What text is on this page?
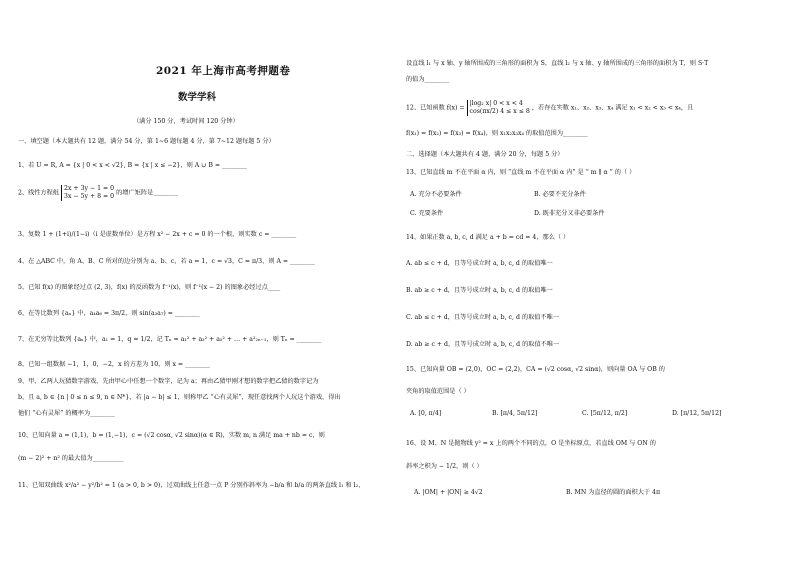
2021 年上海市高考押题卷
数学学科
（满分 150 分，考试时间 120 分钟）
一、填空题（本大题共有 12 题，满分 54 分，第 1~6 题每题 4 分，第 7~12 题每题 5 分）
1、若 U = R, A = {x | 0 < x < √2}, B = {x | x ≤ −2}，则 A ∪ B = ________
2、线性方程组
2x + 3y − 1 = 0
3x − 5y + 8 = 0 的增广矩阵是________
3、复数 1 + (1+i)/(1−i)（i 是虚数单位）是方程 x² − 2x + c = 0 的一个根，则实数 c = ________
4、在 △ABC 中，角 A、B、C 所对的边分别为 a、b、c，若 a = 1，c = √3，C = π/3，则 A = ________
5、已知 f(x) 的图象经过点 (2, 3)，f(x) 的反函数为 f⁻¹(x)，则 f⁻¹(x − 2) 的图象必经过点____
6、在等比数列 {aₙ} 中，a₄a₆ = 3π/2，则 sin(a₃a₇) = ________
7、在无穷等比数列 {aₙ} 中，a₁ = 1，q = 1/2，记 Tₙ = a₁² + a₃² + a₅² + … + a²₂ₙ₋₁，则 Tₙ = ________
8、已知一组数据 −1，1，0，−2，x 的方差为 10，则 x = ________
9、甲、乙两人玩猜数字游戏，先由甲心中任想一个数字，记为 a；再由乙猜甲刚才想的数字把乙猜的数字记为
b，且 a, b ∈ {n | 0 ≤ n ≤ 9, n ∈ N*}，若 |a − b| ≤ 1，则称甲乙 “心有灵犀”，现任意找两个人玩这个游戏，得出
他们 “心有灵犀” 的概率为________
10、已知向量 a = (1,1)，b = (1,−1)，c = (√2 cosα, √2 sinα)(α ∈ R)，实数 m, n 满足 ma + nb = c，则
(m − 2)² + n² 的最大值为__________
11、已知双曲线 x²/a² − y²/b² = 1 (a > 0, b > 0)，过双曲线上任意一点 P 分别作斜率为 −b/a 和 b/a 的两条直线 l₁ 和 l₂，
设直线 l₁ 与 x 轴、y 轴所围成的三角形的面积为 S，直线 l₂ 与 x 轴、y 轴所围成的三角形的面积为 T，则 S·T
的值为________
12、已知函数 f(x) =
|log₂ x| 0 < x < 4
cos(πx/2) 4 ≤ x ≤ 8 ，若存在实数 x₁、x₂、x₃、x₄ 满足 x₁ < x₂ < x₃ < x₄，且
f(x₁) = f(x₂) = f(x₃) = f(x₄)，则 x₁x₂x₃x₄ 的取值范围为________
二、选择题（本大题共有 4 题，满分 20 分，每题 5 分）
13、已知直线 m 不在平面 α 内，则 “直线 m 不在平面 α 内” 是 “ m ∥ α ” 的（ ）
A. 充分不必要条件	B. 必要不充分条件
C. 充要条件	D. 既非充分又非必要条件
14、如果正数 a, b, c, d 满足 a + b = cd = 4，那么（ ）
A. ab ≤ c + d，且等号成立时 a, b, c, d 的取值唯一
B. ab ≥ c + d，且等号成立时 a, b, c, d 的取值唯一
C. ab ≤ c + d，且等号成立时 a, b, c, d 的取值不唯一
D. ab ≥ c + d，且等号成立时 a, b, c, d 的取值不唯一
15、已知向量 OB = (2,0)，OC = (2,2)，CA = (√2 cosα, √2 sinα)，则向量 OA 与 OB 的
夹角的取值范围是（ ）
A. [0, π/4]	B. [π/4, 5π/12]	C. [5π/12, π/2]	D. [π/12, 5π/12]
16、设 M、N 是抛物线 y² = x 上的两个不同的点，O 是坐标原点，若直线 OM 与 ON 的
斜率之积为 − 1/2，则（ ）
A. |OM| + |ON| ≥ 4√2	B. MN 为直径的圆的面积大于 4π
